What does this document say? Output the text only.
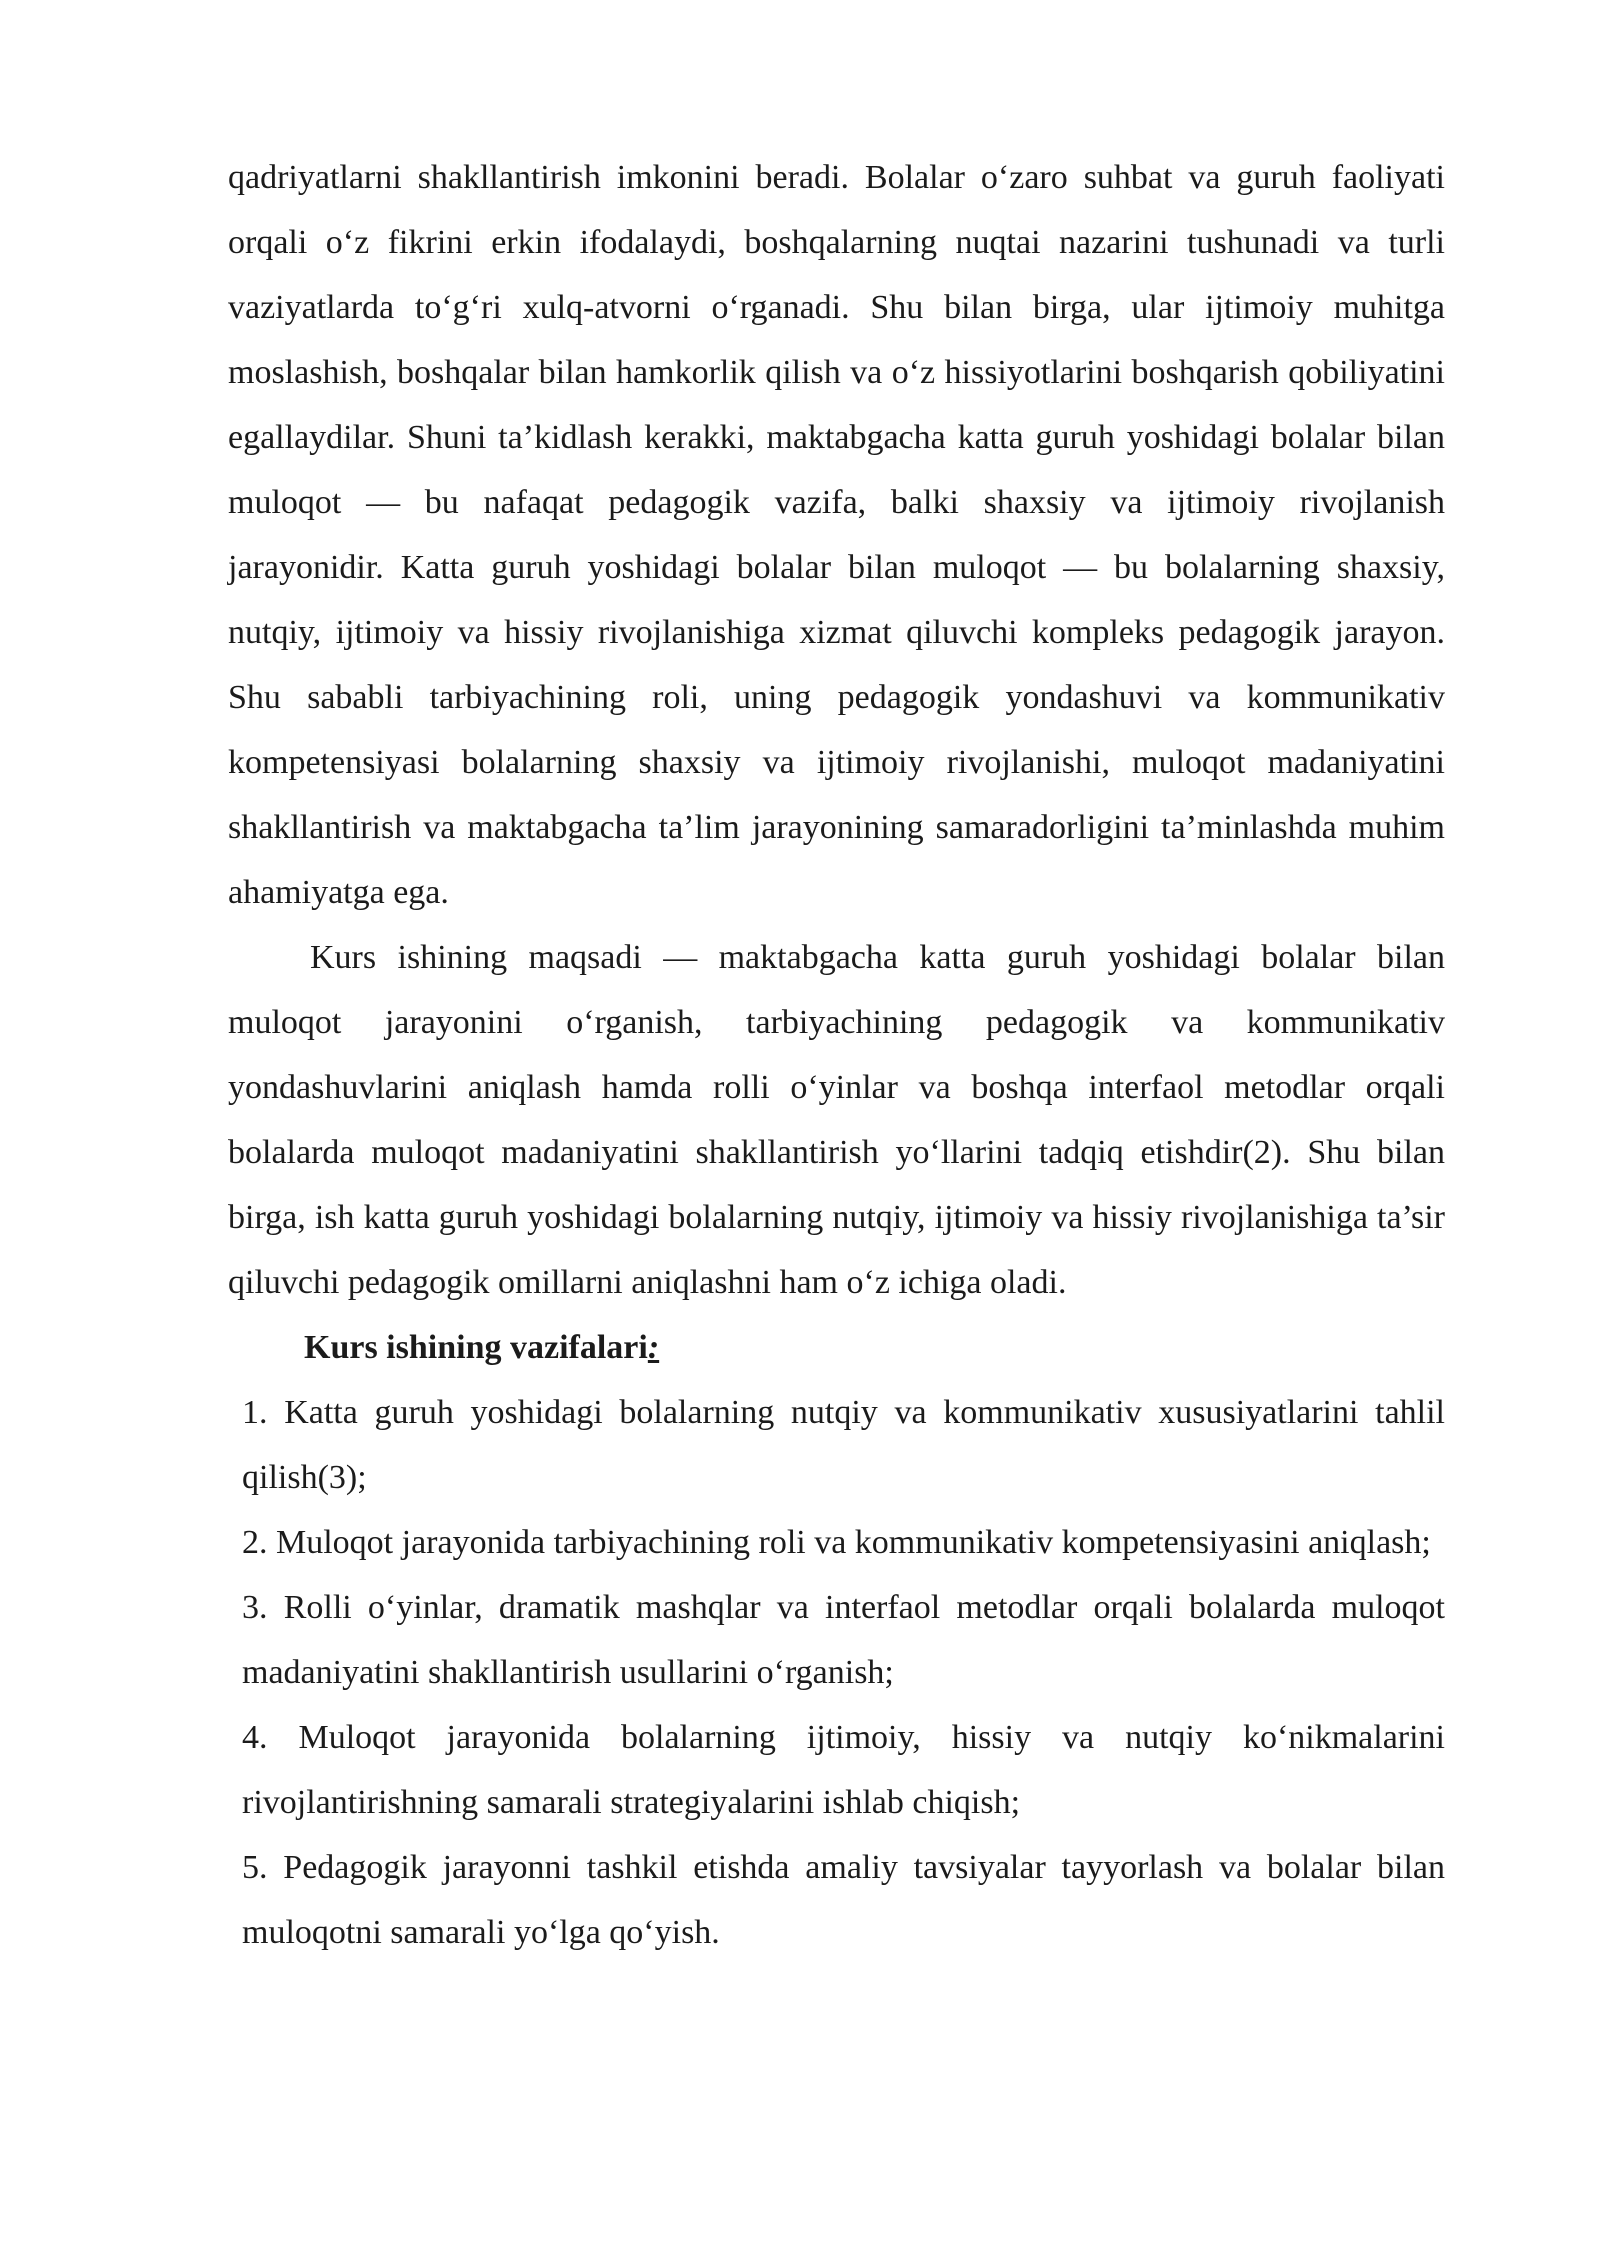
qadriyatlarni shakllantirish imkonini beradi. Bolalar o‘zaro suhbat va guruh faoliyati orqali o‘z fikrini erkin ifodalaydi, boshqalarning nuqtai nazarini tushunadi va turli vaziyatlarda to‘g‘ri xulq-atvorni o‘rganadi. Shu bilan birga, ular ijtimoiy muhitga moslashish, boshqalar bilan hamkorlik qilish va o‘z hissiyotlarini boshqarish qobiliyatini egallaydilar. Shuni ta’kidlash kerakki, maktabgacha katta guruh yoshidagi bolalar bilan muloqot — bu nafaqat pedagogik vazifa, balki shaxsiy va ijtimoiy rivojlanish jarayonidir. Katta guruh yoshidagi bolalar bilan muloqot — bu bolalarning shaxsiy, nutqiy, ijtimoiy va hissiy rivojlanishiga xizmat qiluvchi kompleks pedagogik jarayon. Shu sababli tarbiyachining roli, uning pedagogik yondashuvi va kommunikativ kompetensiyasi bolalarning shaxsiy va ijtimoiy rivojlanishi, muloqot madaniyatini shakllantirish va maktabgacha ta’lim jarayonining samaradorligini ta’minlashda muhim ahamiyatga ega.

Kurs ishining maqsadi — maktabgacha katta guruh yoshidagi bolalar bilan muloqot jarayonini o‘rganish, tarbiyachining pedagogik va kommunikativ yondashuvlarini aniqlash hamda rolli o‘yinlar va boshqa interfaol metodlar orqali bolalarda muloqot madaniyatini shakllantirish yo‘llarini tadqiq etishdir(2). Shu bilan birga, ish katta guruh yoshidagi bolalarning nutqiy, ijtimoiy va hissiy rivojlanishiga ta’sir qiluvchi pedagogik omillarni aniqlashni ham o‘z ichiga oladi.

Kurs ishining vazifalari:

1. Katta guruh yoshidagi bolalarning nutqiy va kommunikativ xususiyatlarini tahlil qilish(3);

2. Muloqot jarayonida tarbiyachining roli va kommunikativ kompetensiyasini aniqlash;

3. Rolli o‘yinlar, dramatik mashqlar va interfaol metodlar orqali bolalarda muloqot madaniyatini shakllantirish usullarini o‘rganish;

4. Muloqot jarayonida bolalarning ijtimoiy, hissiy va nutqiy ko‘nikmalarini rivojlantirishning samarali strategiyalarini ishlab chiqish;

5. Pedagogik jarayonni tashkil etishda amaliy tavsiyalar tayyorlash va bolalar bilan muloqotni samarali yo‘lga qo‘yish.
